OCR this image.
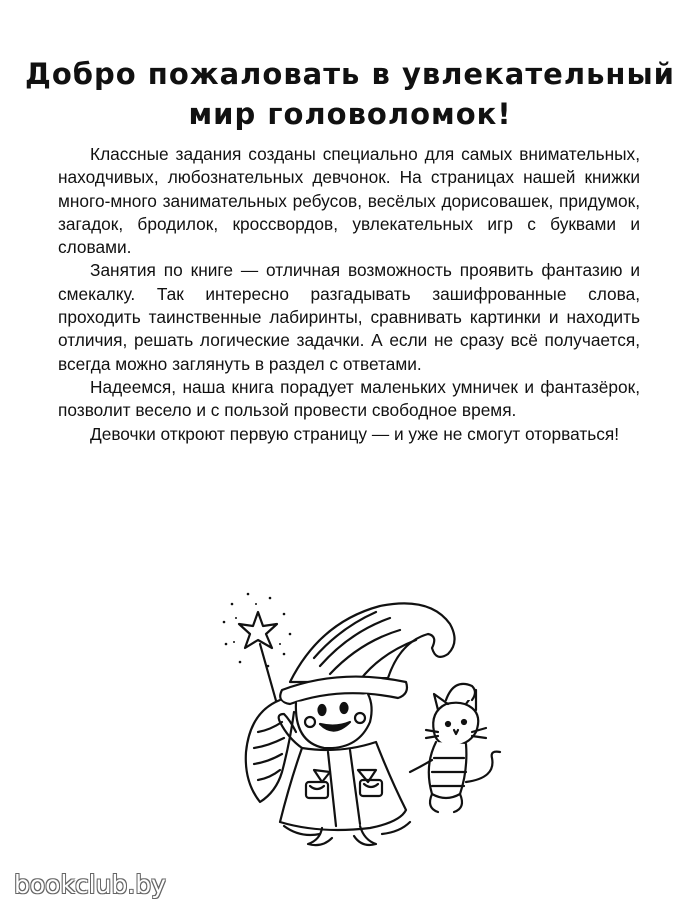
Добро пожаловать в увлекательный
мир головоломок!

Классные задания созданы специально для самых внимательных, находчивых, любознательных девчонок. На страницах нашей книжки много-много занимательных ребусов, весёлых дорисовашек, придумок, загадок, бродилок, кроссвордов, увлекательных игр с буквами и словами.

Занятия по книге — отличная возможность проявить фантазию и смекалку. Так интересно разгадывать зашифрованные слова, проходить таинственные лабиринты, сравнивать картинки и находить отличия, решать логические задачки. А если не сразу всё получается, всегда можно заглянуть в раздел с ответами.

Надеемся, наша книга порадует маленьких умничек и фантазёрок, позволит весело и с пользой провести свободное время.

Девочки откроют первую страницу — и уже не смогут оторваться!

bookclub.by
